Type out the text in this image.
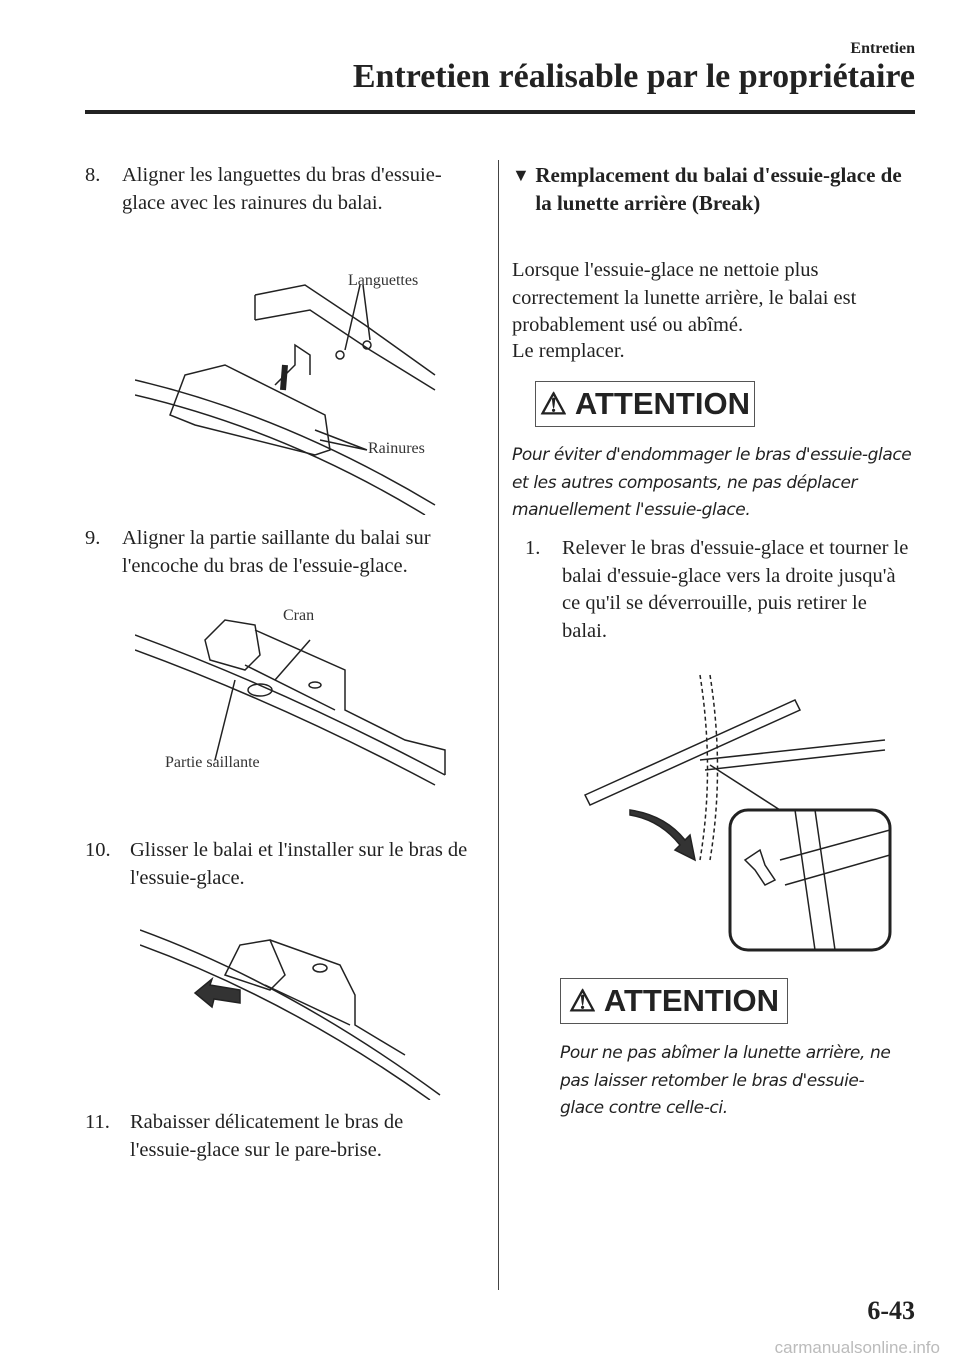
Entretien
Entretien réalisable par le propriétaire
8.	Aligner les languettes du bras d'essuie-glace avec les rainures du balai.
Languettes
Rainures
9.	Aligner la partie saillante du balai sur l'encoche du bras de l'essuie-glace.
Cran
Partie saillante
10. Glisser le balai et l'installer sur le bras de l'essuie-glace.
11. Rabaisser délicatement le bras de l'essuie-glace sur le pare-brise.
▼ Remplacement du balai d'essuie-glace de la lunette arrière (Break)
Lorsque l'essuie-glace ne nettoie plus correctement la lunette arrière, le balai est probablement usé ou abîmé.
Le remplacer.
⚠ ATTENTION
Pour éviter d'endommager le bras d'essuie-glace et les autres composants, ne pas déplacer manuellement l'essuie-glace.
1.	Relever le bras d'essuie-glace et tourner le balai d'essuie-glace vers la droite jusqu'à ce qu'il se déverrouille, puis retirer le balai.
⚠ ATTENTION
Pour ne pas abîmer la lunette arrière, ne pas laisser retomber le bras d'essuie-glace contre celle-ci.
6-43
carmanualsonline.info
